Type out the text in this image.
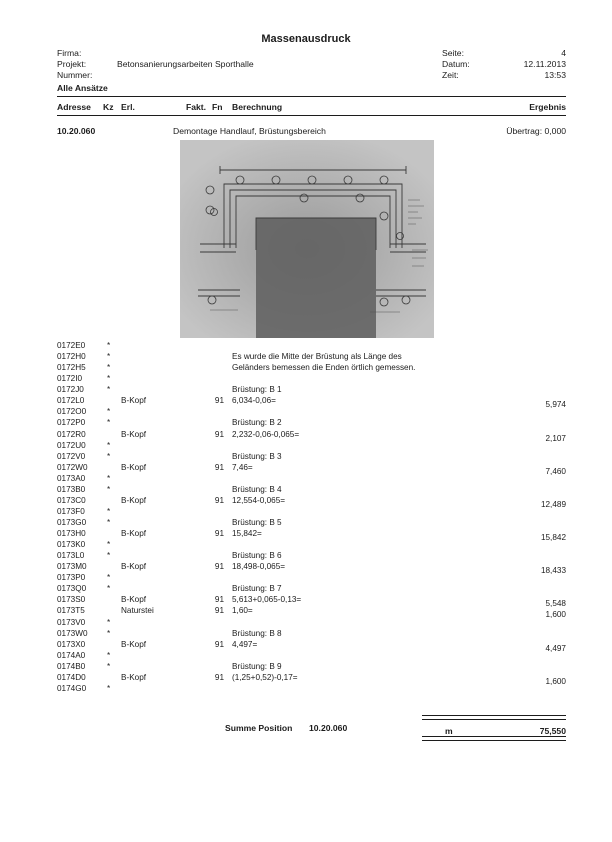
Massenausdruck
Firma:
Projekt:	Betonsanierungsarbeiten Sporthalle
Nummer:
Alle Ansätze
Seite:	4
Datum:	12.11.2013
Zeit:	13:53
Adresse Kz Erl.	Fakt. Fn Berechnung	Ergebnis
10.20.060	Demontage Handlauf, Brüstungsbereich	Übertrag: 0,000
0172E0	*
0172H0	*	Es wurde die Mitte der Brüstung als Länge des
0172H5	*	Geländers bemessen die Enden örtlich gemessen.
0172I0	*
0172J0	*	Brüstung: B 1
0172L0	B-Kopf	91 6,034-0,06=	5,974
0172O0	*
0172P0	*	Brüstung: B 2
0172R0	B-Kopf	91 2,232-0,06-0,065=	2,107
0172U0	*
0172V0	*	Brüstung: B 3
0172W0	B-Kopf	91 7,46=	7,460
0173A0	*
0173B0	*	Brüstung: B 4
0173C0	B-Kopf	91 12,554-0,065=	12,489
0173F0	*
0173G0	*	Brüstung: B 5
0173H0	B-Kopf	91 15,842=	15,842
0173K0	*
0173L0	*	Brüstung: B 6
0173M0	B-Kopf	91 18,498-0,065=	18,433
0173P0	*
0173Q0	*	Brüstung: B 7
0173S0	B-Kopf	91 5,613+0,065-0,13=	5,548
0173T5	Naturstei	91 1,60=	1,600
0173V0	*
0173W0 *	Brüstung: B 8
0173X0	B-Kopf	91 4,497=	4,497
0174A0	*
0174B0	*	Brüstung: B 9
0174D0	B-Kopf	91 (1,25+0,52)-0,17=	1,600
0174G0	*
Summe Position 10.20.060	m	75,550
